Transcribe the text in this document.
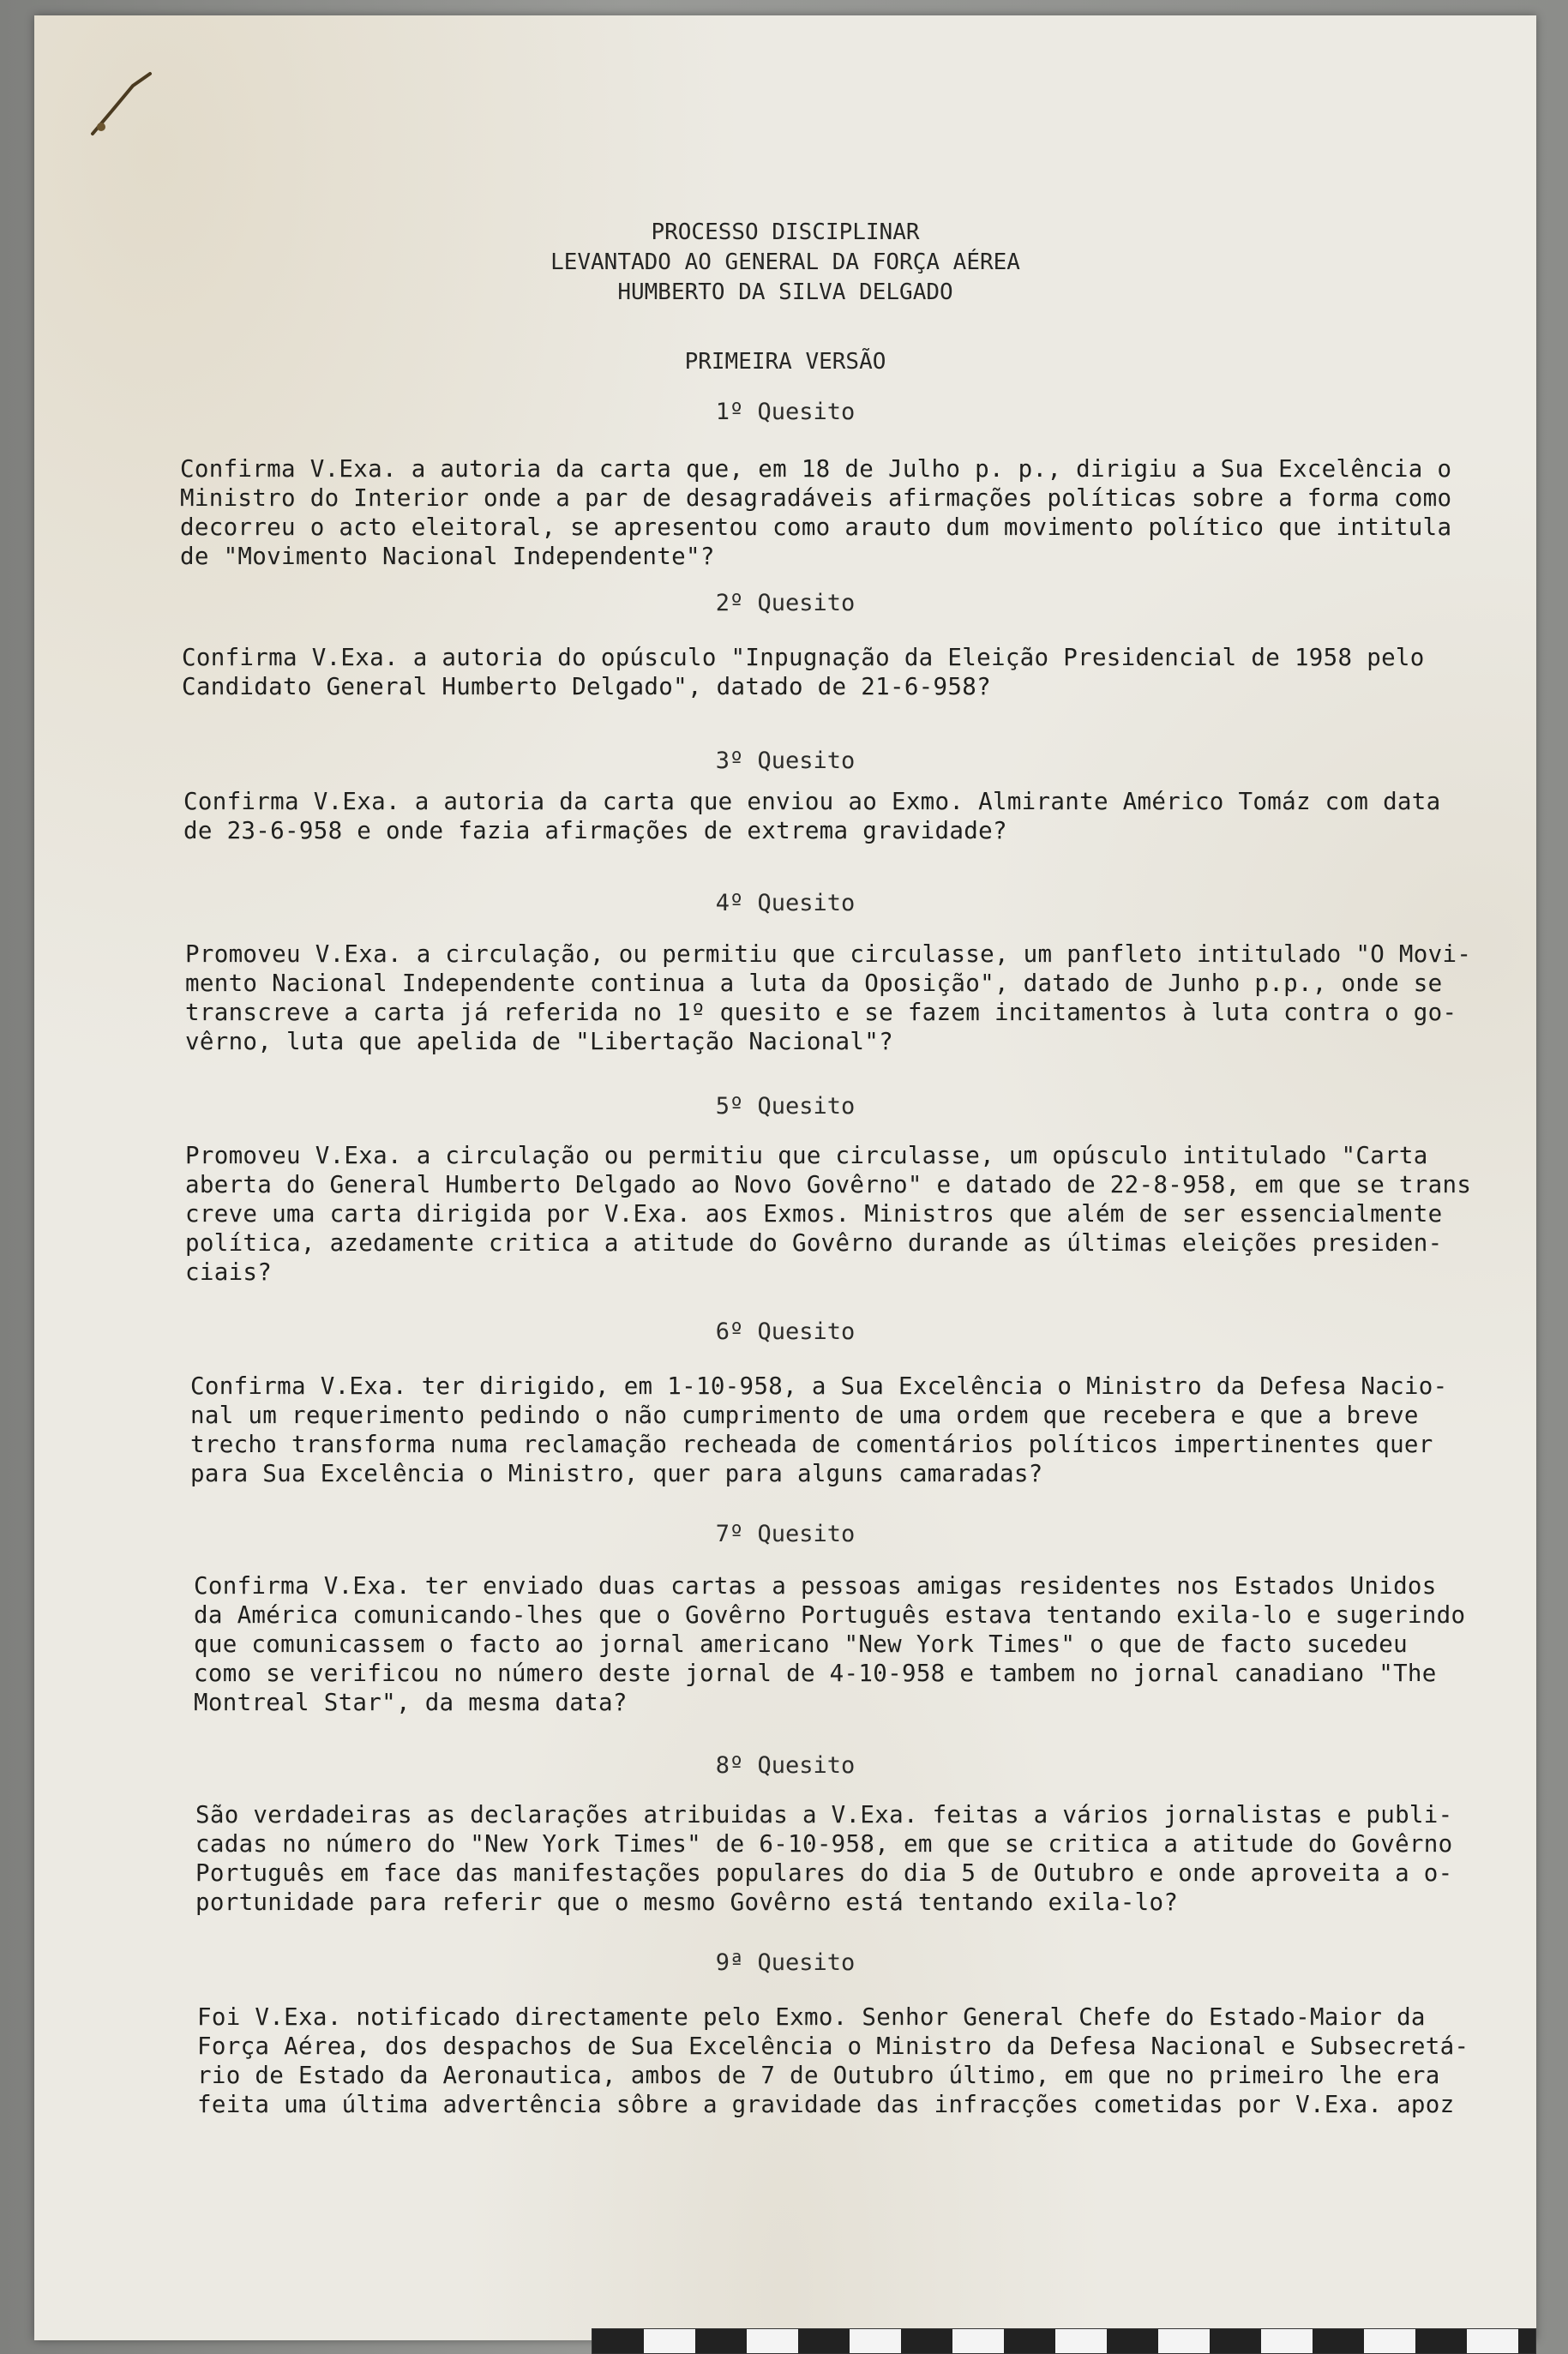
PROCESSO DISCIPLINAR
LEVANTADO AO GENERAL DA FORÇA AÉREA
HUMBERTO DA SILVA DELGADO
PRIMEIRA VERSÃO
1º Quesito
Confirma V.Exa. a autoria da carta que, em 18 de Julho p. p., dirigiu a Sua Excelência o
Ministro do Interior onde a par de desagradáveis afirmações políticas sobre a forma como
decorreu o acto eleitoral, se apresentou como arauto dum movimento político que intitula
de "Movimento Nacional Independente"?
2º Quesito
Confirma V.Exa. a autoria do opúsculo "Inpugnação da Eleição Presidencial de 1958 pelo
Candidato General Humberto Delgado", datado de 21-6-958?
3º Quesito
Confirma V.Exa. a autoria da carta que enviou ao Exmo. Almirante Américo Tomáz com data
de 23-6-958 e onde fazia afirmações de extrema gravidade?
4º Quesito
Promoveu V.Exa. a circulação, ou permitiu que circulasse, um panfleto intitulado "O Movi-
mento Nacional Independente continua a luta da Oposição", datado de Junho p.p., onde se
transcreve a carta já referida no 1º quesito e se fazem incitamentos à luta contra o go-
vêrno, luta que apelida de "Libertação Nacional"?
5º Quesito
Promoveu V.Exa. a circulação ou permitiu que circulasse, um opúsculo intitulado "Carta
aberta do General Humberto Delgado ao Novo Govêrno" e datado de 22-8-958, em que se trans
creve uma carta dirigida por V.Exa. aos Exmos. Ministros que além de ser essencialmente
política, azedamente critica a atitude do Govêrno durande as últimas eleições presiden-
ciais?
6º Quesito
Confirma V.Exa. ter dirigido, em 1-10-958, a Sua Excelência o Ministro da Defesa Nacio-
nal um requerimento pedindo o não cumprimento de uma ordem que recebera e que a breve
trecho transforma numa reclamação recheada de comentários políticos impertinentes quer
para Sua Excelência o Ministro, quer para alguns camaradas?
7º Quesito
Confirma V.Exa. ter enviado duas cartas a pessoas amigas residentes nos Estados Unidos
da América comunicando-lhes que o Govêrno Português estava tentando exila-lo e sugerindo
que comunicassem o facto ao jornal americano "New York Times" o que de facto sucedeu
como se verificou no número deste jornal de 4-10-958 e tambem no jornal canadiano "The
Montreal Star", da mesma data?
8º Quesito
São verdadeiras as declarações atribuidas a V.Exa. feitas a vários jornalistas e publi-
cadas no número do "New York Times" de 6-10-958, em que se critica a atitude do Govêrno
Português em face das manifestações populares do dia 5 de Outubro e onde aproveita a o-
portunidade para referir que o mesmo Govêrno está tentando exila-lo?
9ª Quesito
Foi V.Exa. notificado directamente pelo Exmo. Senhor General Chefe do Estado-Maior da
Força Aérea, dos despachos de Sua Excelência o Ministro da Defesa Nacional e Subsecretá-
rio de Estado da Aeronautica, ambos de 7 de Outubro último, em que no primeiro lhe era
feita uma última advertência sôbre a gravidade das infracções cometidas por V.Exa. apoz
